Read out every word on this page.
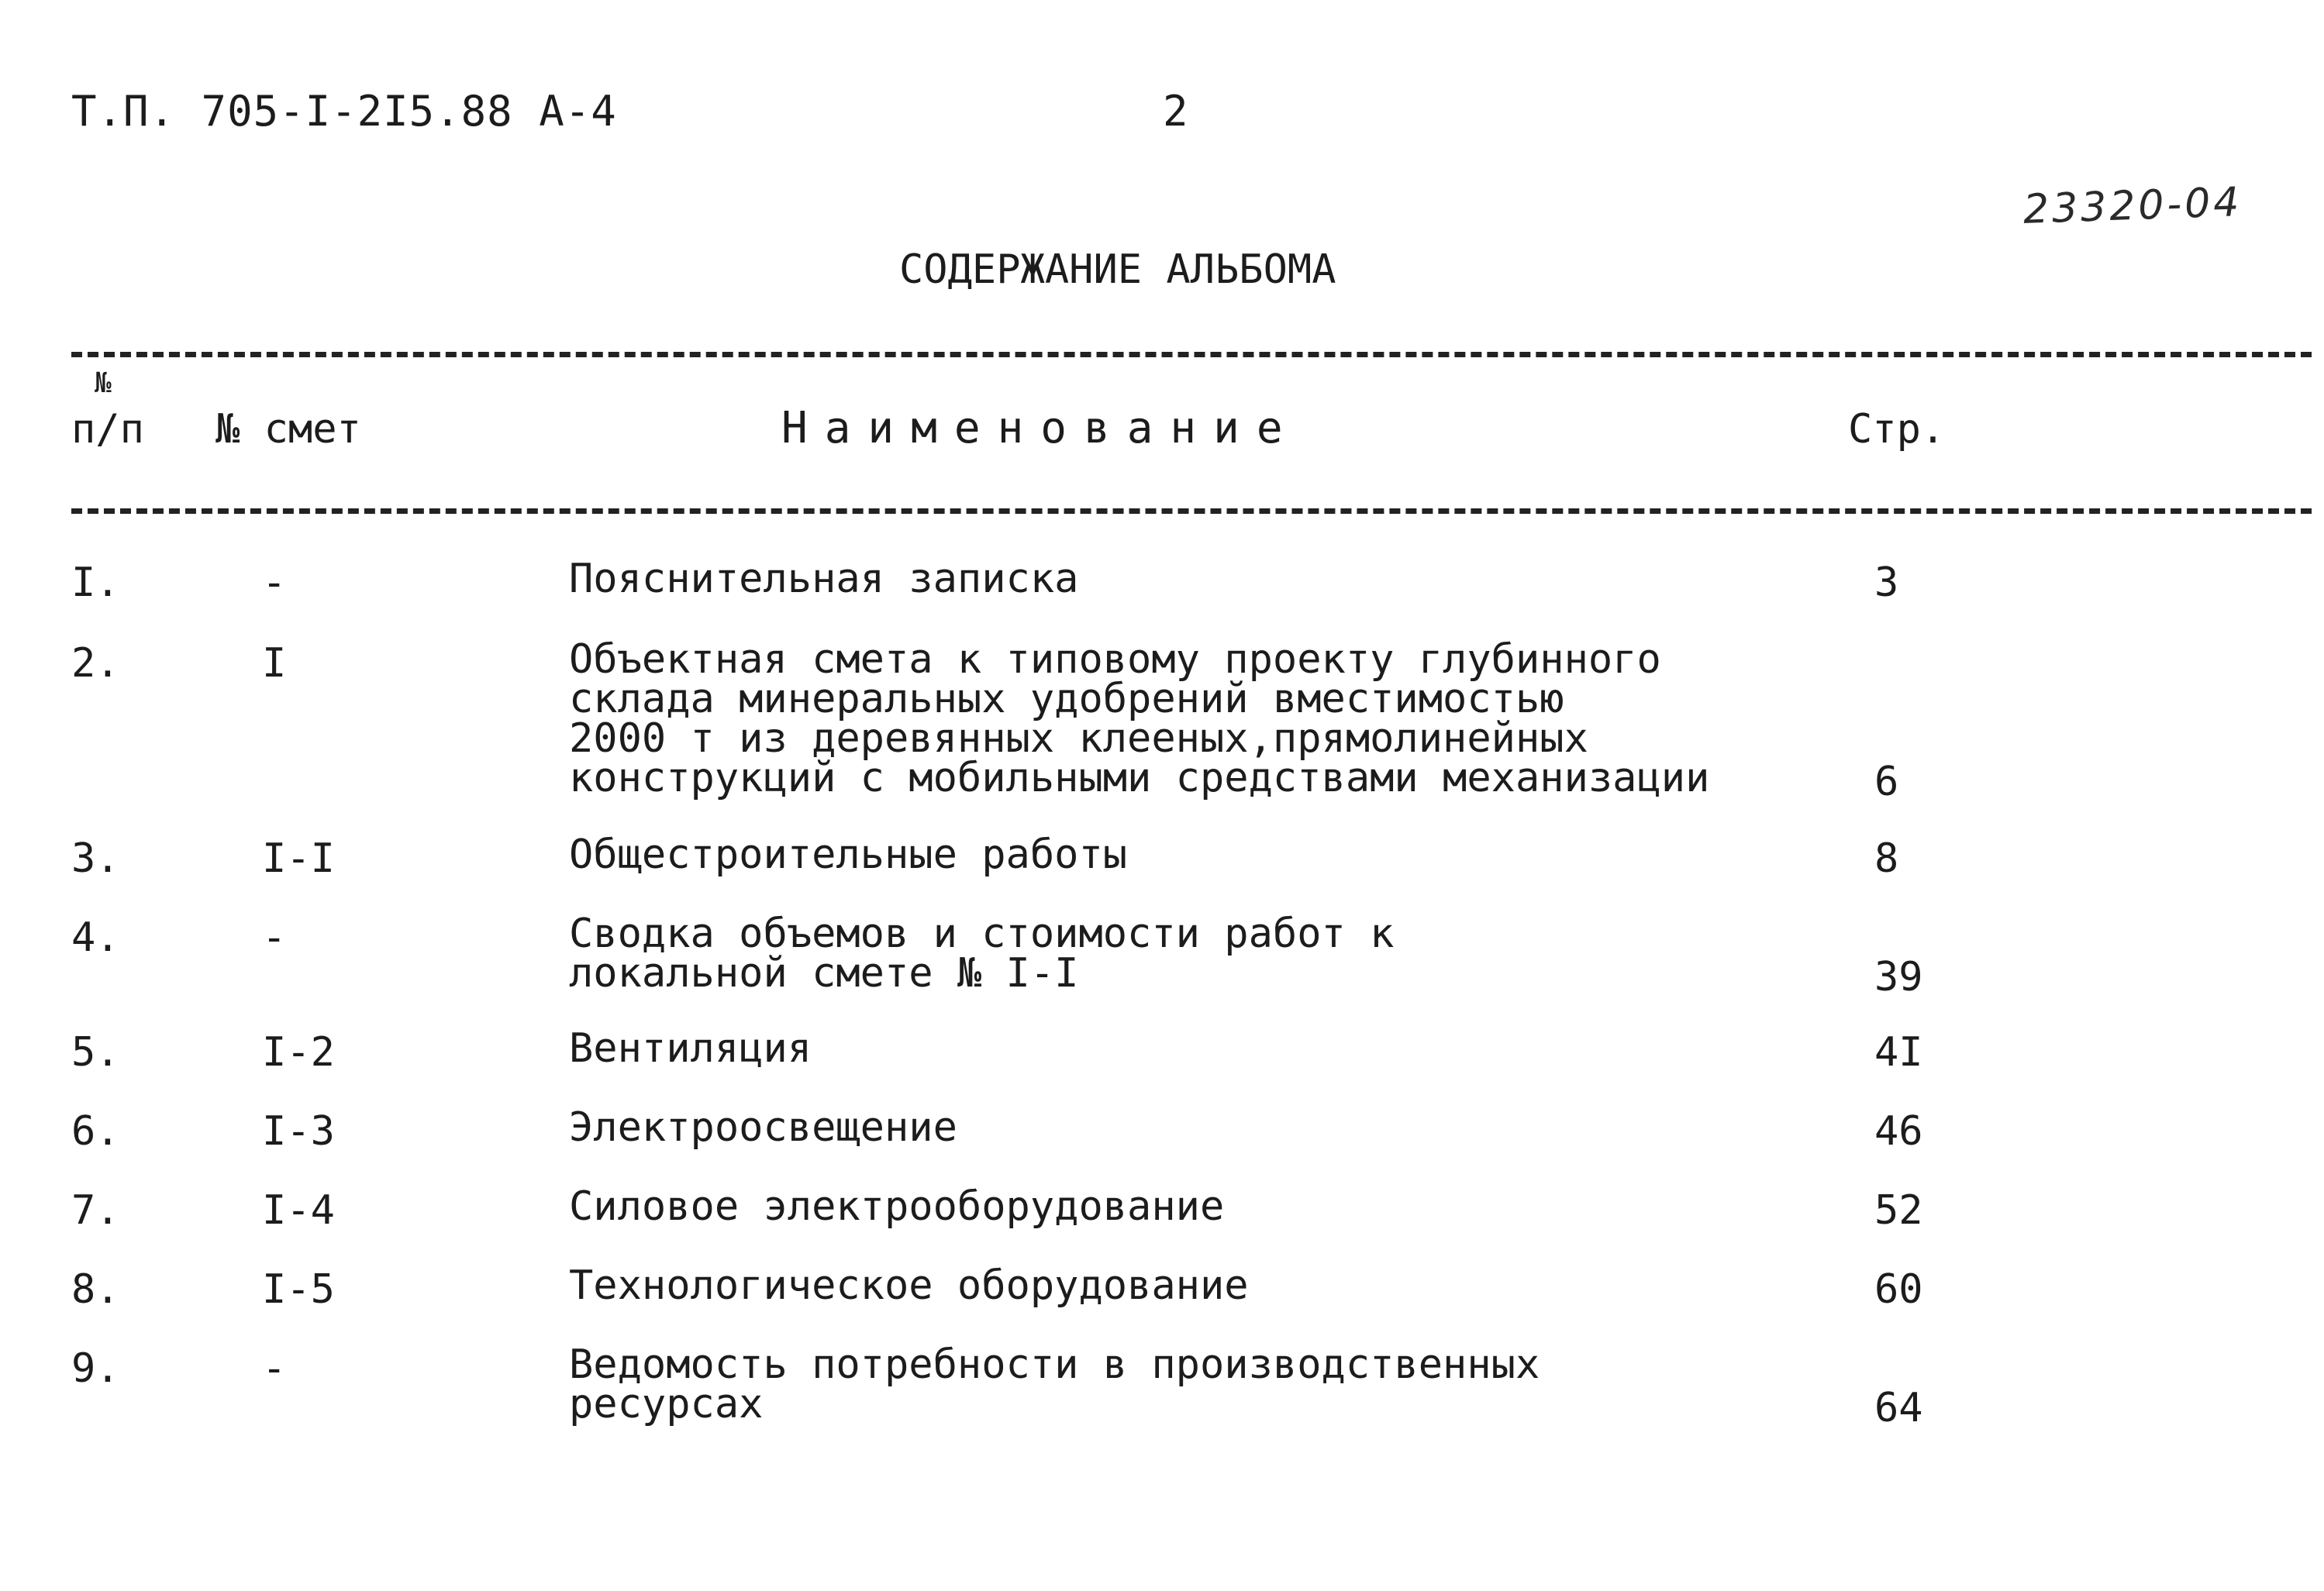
Т.П. 705-I-2I5.88 А-4	2
23320-04
СОДЕРЖАНИЕ АЛЬБОМА
№
п/п № смет	Наименование	Стр.
I.	-	Пояснительная записка	3
2.	I	Объектная смета к типовому проекту глубинного
склада минеральных удобрений вместимостью
2000 т из деревянных клееных,прямолинейных
конструкций с мобильными средствами механизации	6
3.	I-I	Общестроительные работы	8
4.	-	Сводка объемов и стоимости работ к
локальной смете № I-I	39
5.	I-2	Вентиляция	4I
6.	I-3	Электроосвещение	46
7.	I-4	Силовое электрооборудование	52
8.	I-5	Технологическое оборудование	60
9.	-	Ведомость потребности в производственных
ресурсах	64
